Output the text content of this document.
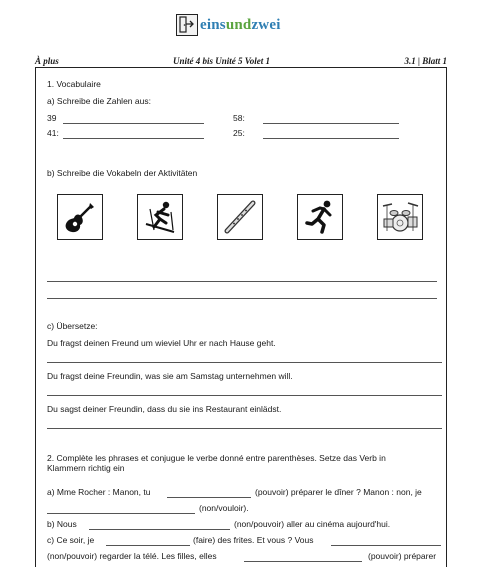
einsundzwei
À plus	Unité 4 bis Unité 5 Volet 1	3.1 | Blatt 1
1. Vocabulaire
a) Schreibe die Zahlen aus:
39	58:
41:	25:
b) Schreibe die Vokabeln der Aktivitäten
c) Übersetze:
Du fragst deinen Freund um wieviel Uhr er nach Hause geht.
Du fragst deine Freundin, was sie am Samstag unternehmen will.
Du sagst deiner Freundin, dass du sie ins Restaurant einlädst.
2. Complète les phrases et conjugue le verbe donné entre parenthèses. Setze das Verb in
Klammern richtig ein
a) Mme Rocher : Manon, tu	(pouvoir) préparer le dîner ? Manon : non, je
(non/vouloir).
b) Nous	(non/pouvoir) aller au cinéma aujourd'hui.
c) Ce soir, je	(faire) des frites. Et vous ? Vous
(non/pouvoir) regarder la télé. Les filles, elles	(pouvoir) préparer
